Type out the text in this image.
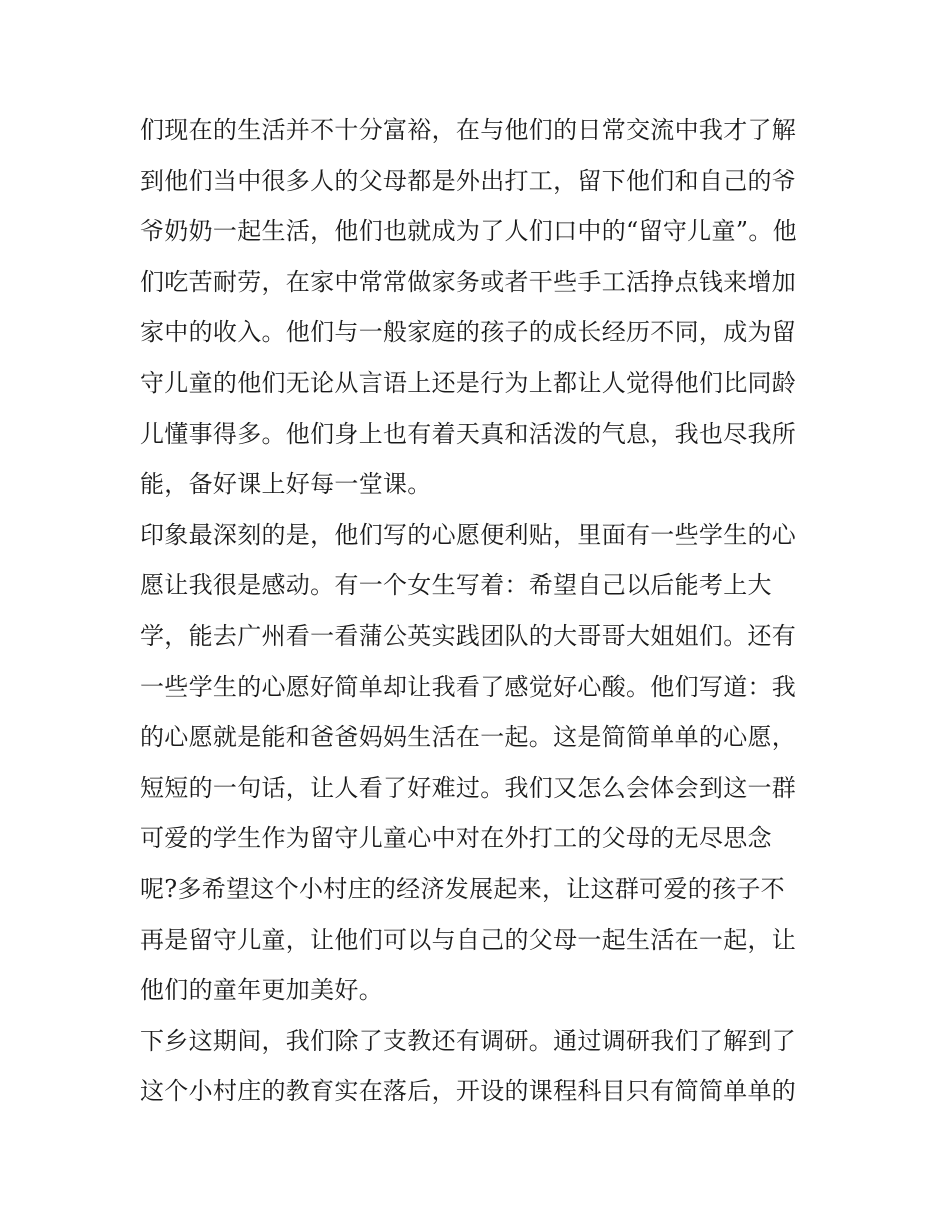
们现在的生活并不十分富裕，在与他们的日常交流中我才了解
到他们当中很多人的父母都是外出打工，留下他们和自己的爷
爷奶奶一起生活，他们也就成为了人们口中的“留守儿童”。他
们吃苦耐劳，在家中常常做家务或者干些手工活挣点钱来增加
家中的收入。他们与一般家庭的孩子的成长经历不同，成为留
守儿童的他们无论从言语上还是行为上都让人觉得他们比同龄
儿懂事得多。他们身上也有着天真和活泼的气息，我也尽我所
能，备好课上好每一堂课。

印象最深刻的是，他们写的心愿便利贴，里面有一些学生的心
愿让我很是感动。有一个女生写着：希望自己以后能考上大
学，能去广州看一看蒲公英实践团队的大哥哥大姐姐们。还有
一些学生的心愿好简单却让我看了感觉好心酸。他们写道：我
的心愿就是能和爸爸妈妈生活在一起。这是简简单单的心愿，
短短的一句话，让人看了好难过。我们又怎么会体会到这一群
可爱的学生作为留守儿童心中对在外打工的父母的无尽思念
呢?多希望这个小村庄的经济发展起来，让这群可爱的孩子不
再是留守儿童，让他们可以与自己的父母一起生活在一起，让
他们的童年更加美好。

下乡这期间，我们除了支教还有调研。通过调研我们了解到了
这个小村庄的教育实在落后，开设的课程科目只有简简单单的
